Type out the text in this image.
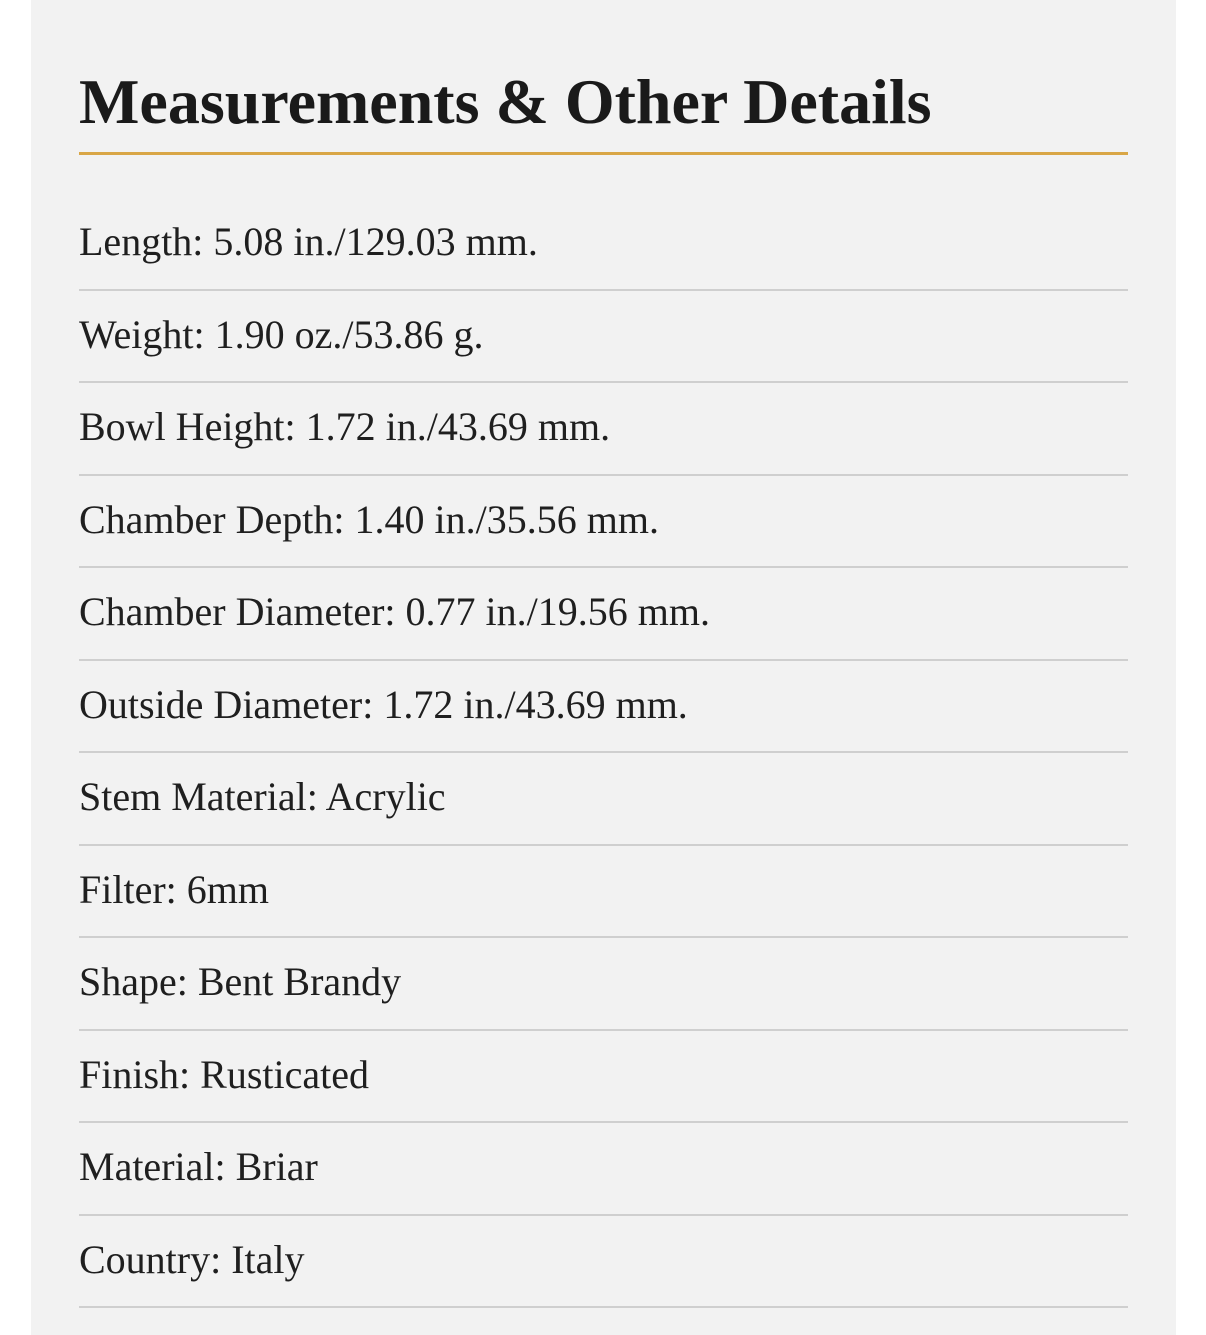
Measurements & Other Details
Length: 5.08 in./129.03 mm.
Weight: 1.90 oz./53.86 g.
Bowl Height: 1.72 in./43.69 mm.
Chamber Depth: 1.40 in./35.56 mm.
Chamber Diameter: 0.77 in./19.56 mm.
Outside Diameter: 1.72 in./43.69 mm.
Stem Material: Acrylic
Filter: 6mm
Shape: Bent Brandy
Finish: Rusticated
Material: Briar
Country: Italy
